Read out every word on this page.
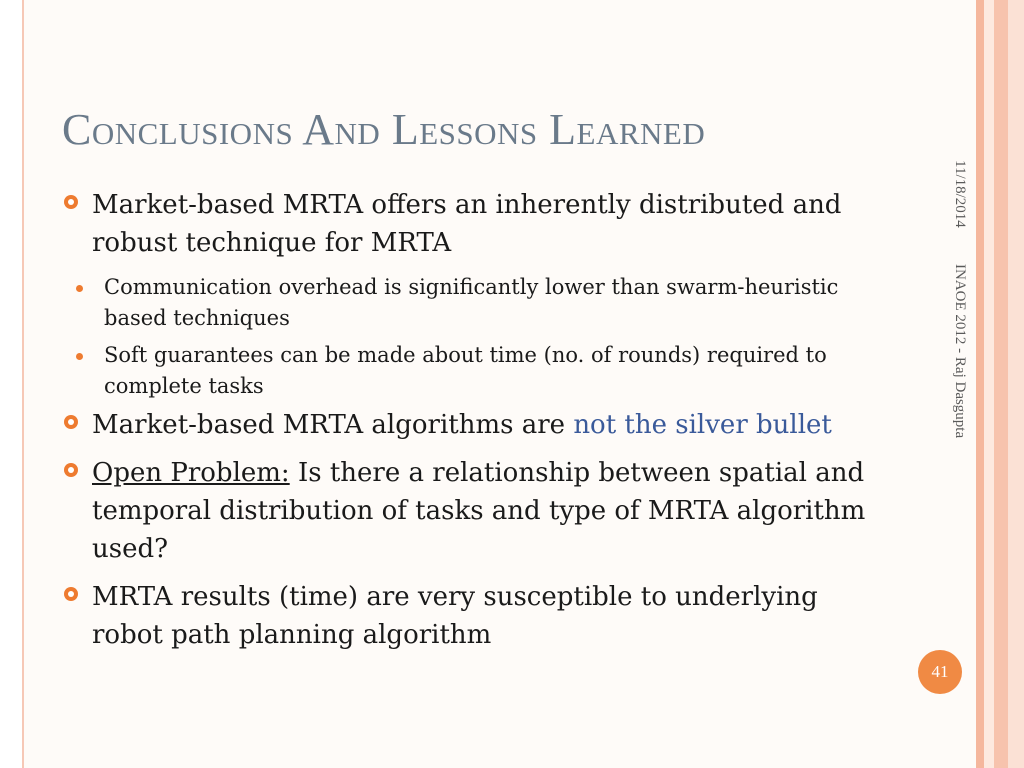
Conclusions And Lessons Learned
11/18/2014
INAOE 2012 - Raj Dasgupta
Market-based MRTA offers an inherently distributed and robust technique for MRTA
Communication overhead is significantly lower than swarm-heuristic based techniques
Soft guarantees can be made about time (no. of rounds) required to complete tasks
Market-based MRTA algorithms are not the silver bullet
Open Problem: Is there a relationship between spatial and temporal distribution of tasks and type of MRTA algorithm used?
MRTA results (time) are very susceptible to underlying robot path planning algorithm
41
